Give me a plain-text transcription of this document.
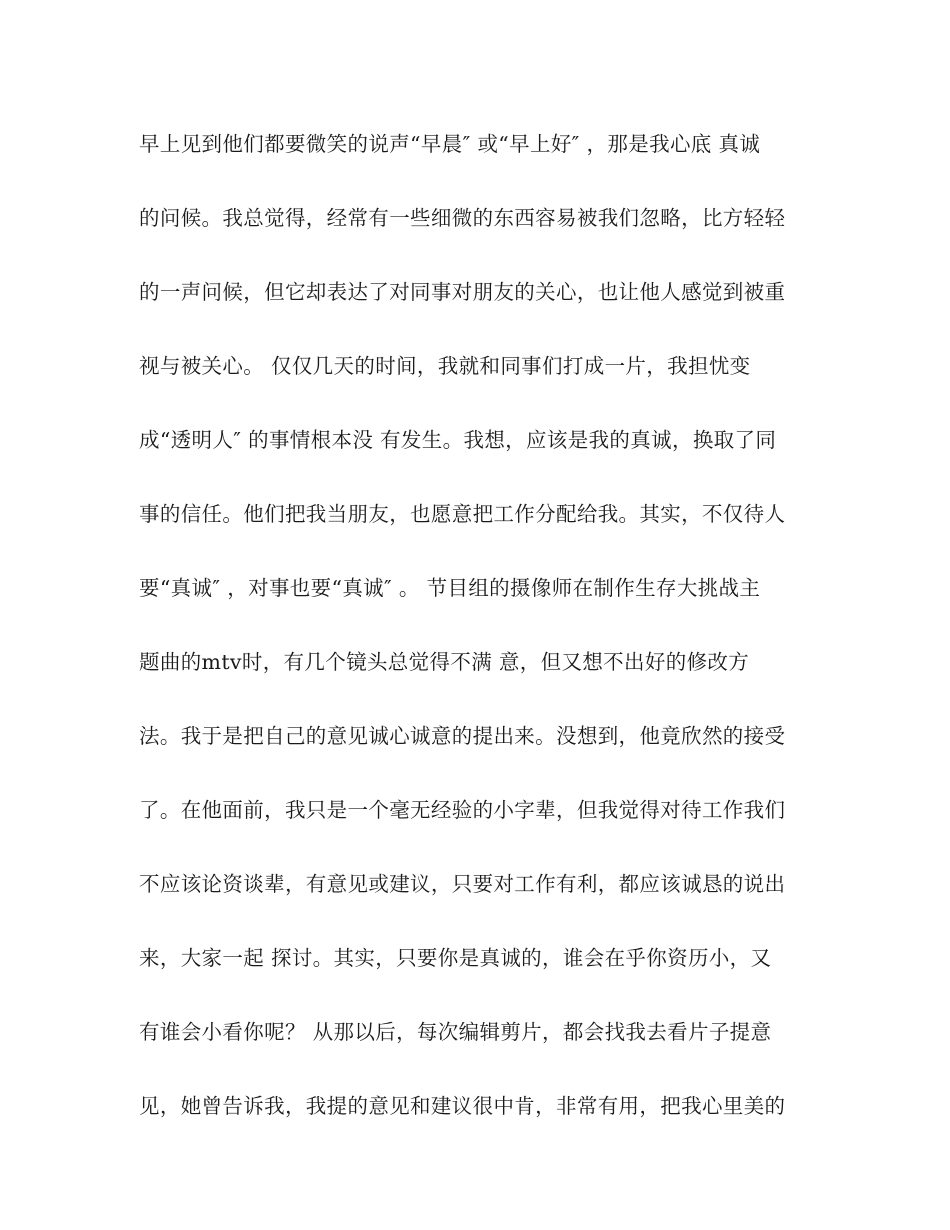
早上见到他们都要微笑的说声“早晨″ 或“早上好″ ，那是我心底 真诚
的问候。我总觉得，经常有一些细微的东西容易被我们忽略，比方轻轻
的一声问候，但它却表达了对同事对朋友的关心，也让他人感觉到被重
视与被关心。 仅仅几天的时间，我就和同事们打成一片，我担忧变
成“透明人″ 的事情根本没 有发生。我想，应该是我的真诚，换取了同
事的信任。他们把我当朋友，也愿意把工作分配给我。其实，不仅待人
要“真诚″ ，对事也要“真诚″ 。 节目组的摄像师在制作生存大挑战主
题曲的mtv时，有几个镜头总觉得不满 意，但又想不出好的修改方
法。我于是把自己的意见诚心诚意的提出来。没想到，他竟欣然的接受
了。在他面前，我只是一个毫无经验的小字辈，但我觉得对待工作我们
不应该论资谈辈，有意见或建议，只要对工作有利，都应该诚恳的说出
来，大家一起 探讨。其实，只要你是真诚的，谁会在乎你资历小，又
有谁会小看你呢？ 从那以后，每次编辑剪片，都会找我去看片子提意
见，她曾告诉我，我提的意见和建议很中肯，非常有用，把我心里美的
